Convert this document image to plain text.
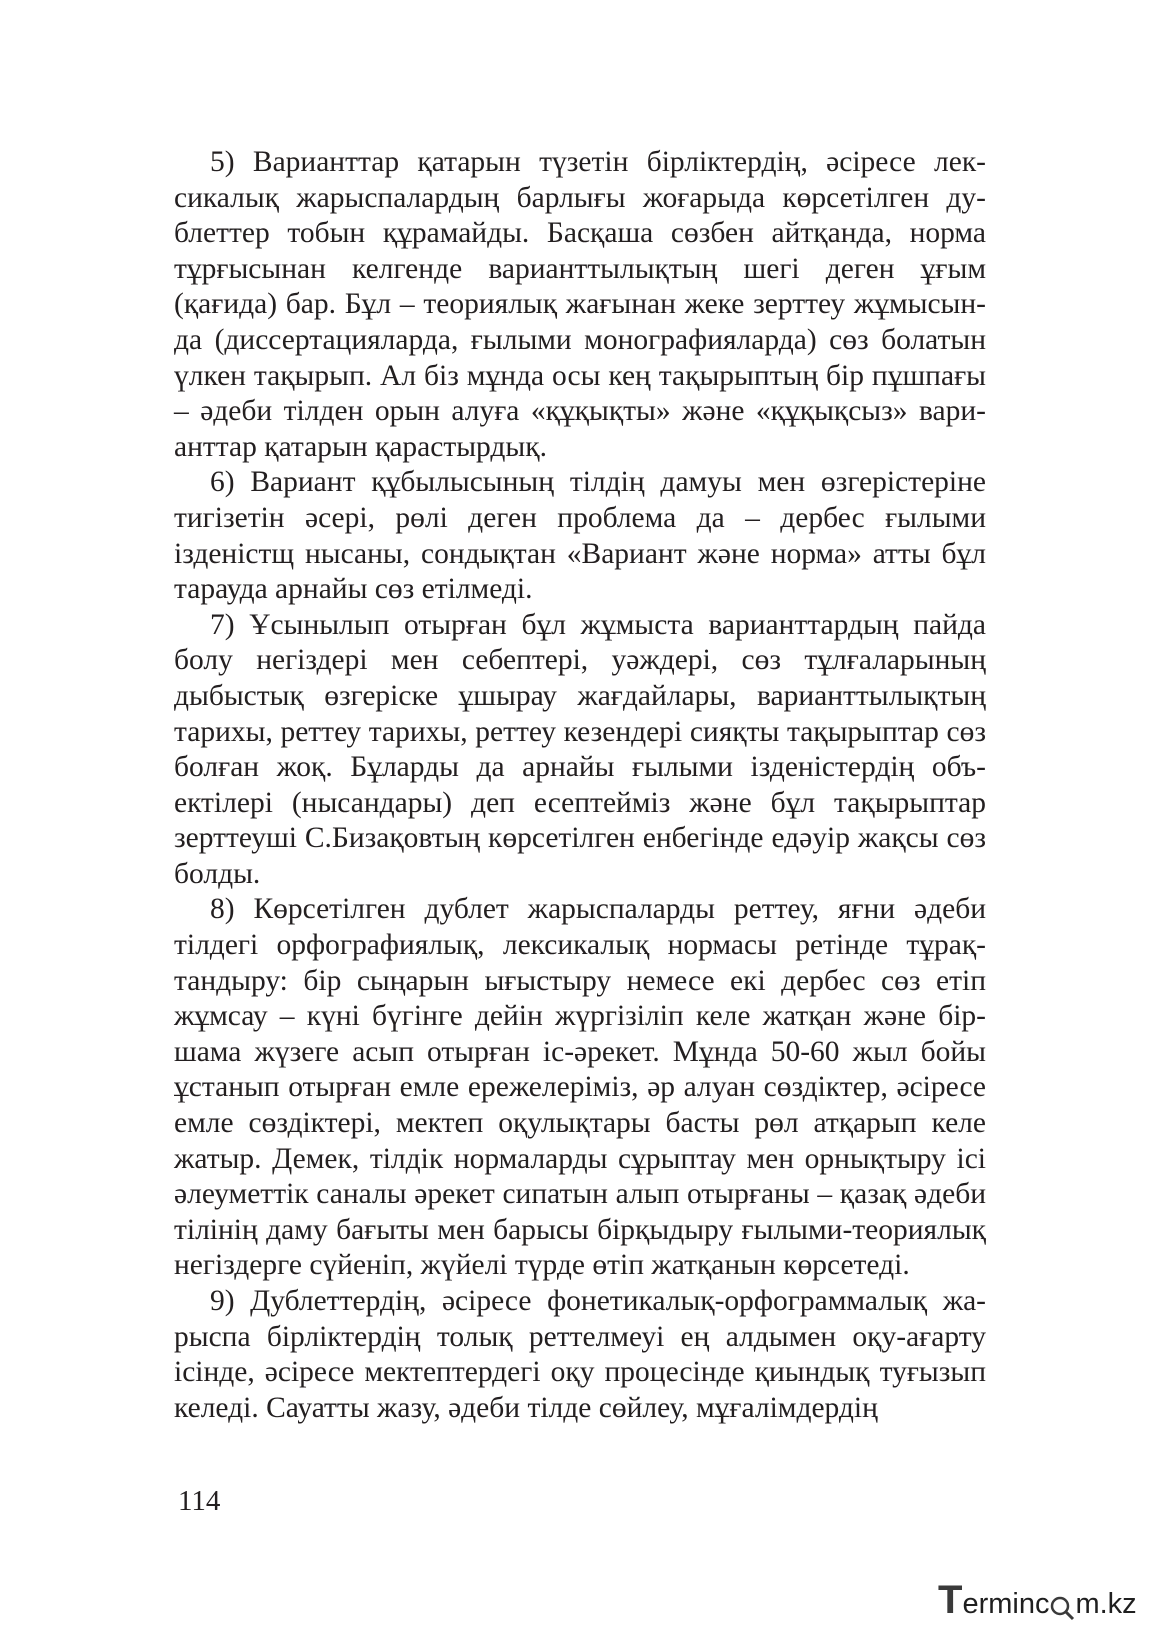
5) Варианттар қатарын түзетін бірліктердің, әсіресе лексикалық жарыспалардың барлығы жоғарыда көрсетілген дублеттер тобын құрамайды. Басқаша сөзбен айтқанда, норма тұрғысынан келгенде варианттылықтың шегі деген ұғым (қағида) бар. Бұл – теориялық жағынан жеке зерттеу жұмысында (диссертацияларда, ғылыми монографияларда) сөз болатын үлкен тақырып. Ал біз мұнда осы кең тақырыптың бір пұшпағы – әдеби тілден орын алуға «құқықты» және «құқықсыз» варианттар қатарын қарастырдық.

6) Вариант құбылысының тілдің дамуы мен өзгерістеріне тигізетін әсері, рөлі деген проблема да – дербес ғылыми ізденістщ нысаны, сондықтан «Вариант және норма» атты бұл тарауда арнайы сөз етілмеді.

7) Ұсынылып отырған бұл жұмыста варианттардың пайда болу негіздері мен себептері, уәждері, сөз тұлғаларының дыбыстық өзгеріске ұшырау жағдайлары, варианттылықтың тарихы, реттеу тарихы, реттеу кезендері сияқты тақырыптар сөз болған жоқ. Бұларды да арнайы ғылыми ізденістердің объектілері (нысандары) деп есептейміз және бұл тақырыптар зерттеуші С.Бизақовтың көрсетілген енбегінде едәуір жақсы сөз болды.

8) Көрсетілген дублет жарыспаларды реттеу, яғни әдеби тілдегі орфографиялық, лексикалық нормасы ретінде тұрақтандыру: бір сыңарын ығыстыру немесе екі дербес сөз етіп жұмсау – күні бүгінге дейін жүргізіліп келе жатқан және біршама жүзеге асып отырған іс-әрекет. Мұнда 50-60 жыл бойы ұстанып отырған емле ережелеріміз, әр алуан сөздіктер, әсіресе емле сөздіктері, мектеп оқулықтары басты рөл атқарып келе жатыр. Демек, тілдік нормаларды сұрыптау мен орнықтыру ісі әлеуметтік саналы әрекет сипатын алып отырғаны – қазақ әдеби тілінің даму бағыты мен барысы бірқыдыру ғылыми-теориялық негіздерге сүйеніп, жүйелі түрде өтіп жатқанын көрсетеді.

9) Дублеттердің, әсіресе фонетикалық-орфограммалық жарыспа бірліктердің толық реттелмеуі ең алдымен оқу-ағарту ісінде, әсіресе мектептердегі оқу процесінде қиындық туғызып келеді. Сауатты жазу, әдеби тілде сөйлеу, мұғалімдердің

114
Terminc m.kz
